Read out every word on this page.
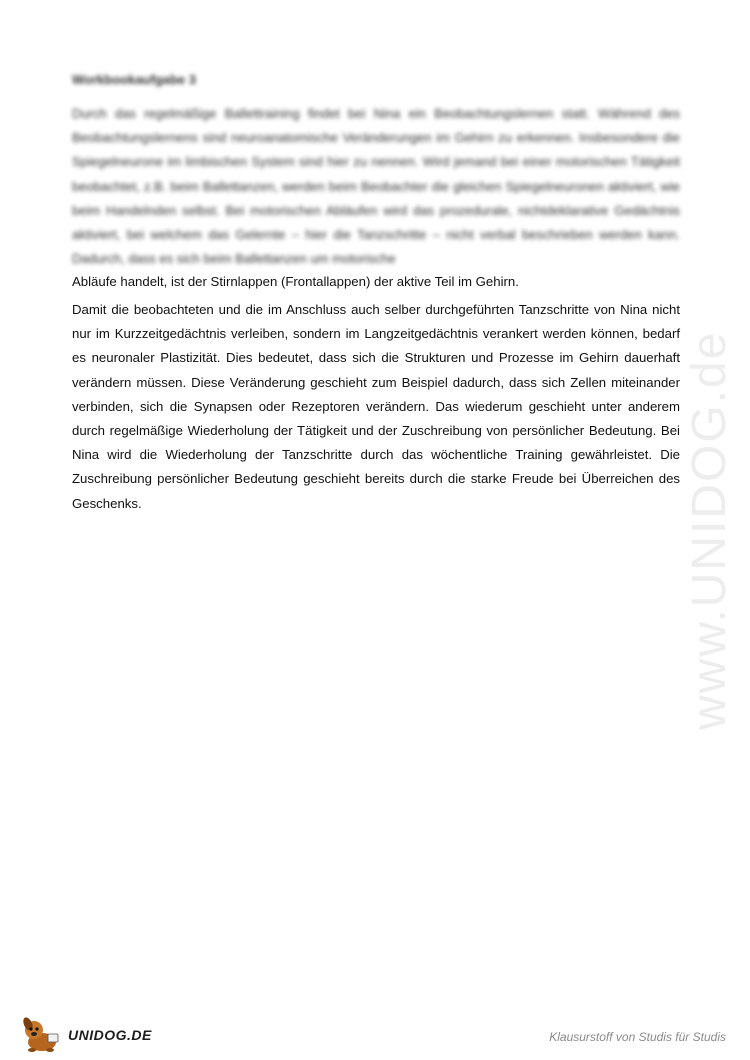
Workbookaufgabe 3
Durch das regelmäßige Ballettraining findet bei Nina ein Beobachtungslernen statt. Während des Beobachtungslernens sind neuroanatomische Veränderungen im Gehirn zu erkennen. Insbesondere die Spiegelneurone im limbischen System sind hier zu nennen. Wird jemand bei einer motorischen Tätigkeit beobachtet, z.B. beim Ballettanzen, werden beim Beobachter die gleichen Spiegelneuronen aktiviert, wie beim Handelnden selbst. Bei motorischen Abläufen wird das prozedurale, nichtdeklarative Gedächtnis aktiviert, bei welchem das Gelernte – hier die Tanzschritte – nicht verbal beschrieben werden kann. Dadurch, dass es sich beim Ballettanzen um motorische
Abläufe handelt, ist der Stirnlappen (Frontallappen) der aktive Teil im Gehirn.

Damit die beobachteten und die im Anschluss auch selber durchgeführten Tanzschritte von Nina nicht nur im Kurzzeitgedächtnis verleiben, sondern im Langzeitgedächtnis verankert werden können, bedarf es neuronaler Plastizität. Dies bedeutet, dass sich die Strukturen und Prozesse im Gehirn dauerhaft verändern müssen. Diese Veränderung geschieht zum Beispiel dadurch, dass sich Zellen miteinander verbinden, sich die Synapsen oder Rezeptoren verändern. Das wiederum geschieht unter anderem durch regelmäßige Wiederholung der Tätigkeit und der Zuschreibung von persönlicher Bedeutung. Bei Nina wird die Wiederholung der Tanzschritte durch das wöchentliche Training gewährleistet. Die Zuschreibung persönlicher Bedeutung geschieht bereits durch die starke Freude bei Überreichen des Geschenks.	www.UNIDOG.de
UNIDOG.DE	Klausurstoff von Studis für Studis
